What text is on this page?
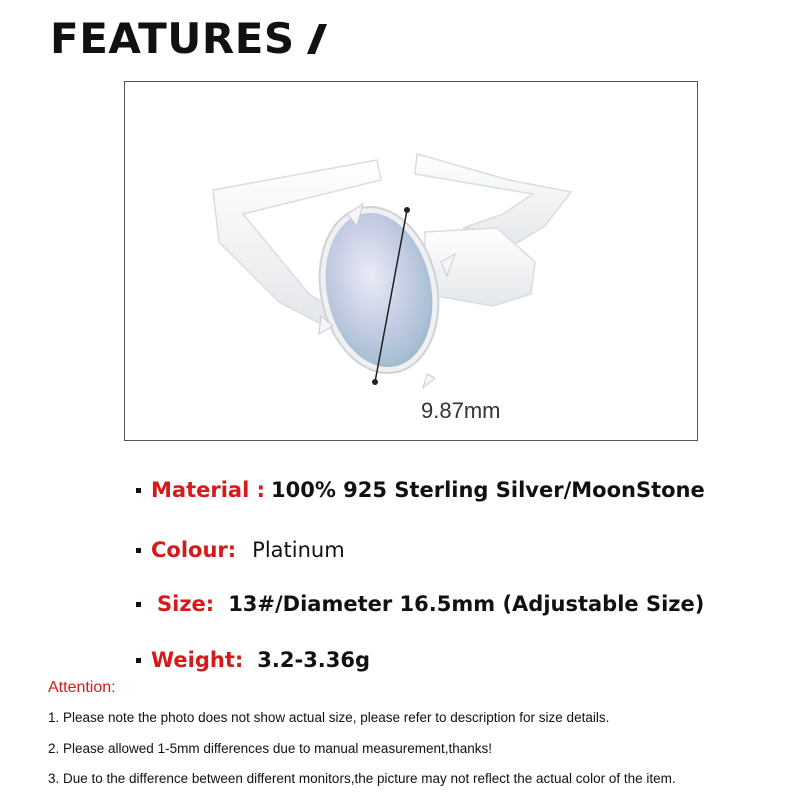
FEATURES
9.87mm
Material : 100% 925 Sterling Silver/MoonStone
Colour: Platinum
Size: 13#/Diameter 16.5mm (Adjustable Size)
Weight: 3.2-3.36g
Attention:
1. Please note the photo does not show actual size, please refer to description for size details.
2. Please allowed 1-5mm differences due to manual measurement,thanks!
3. Due to the difference between different monitors,the picture may not reflect the actual color of the item.
